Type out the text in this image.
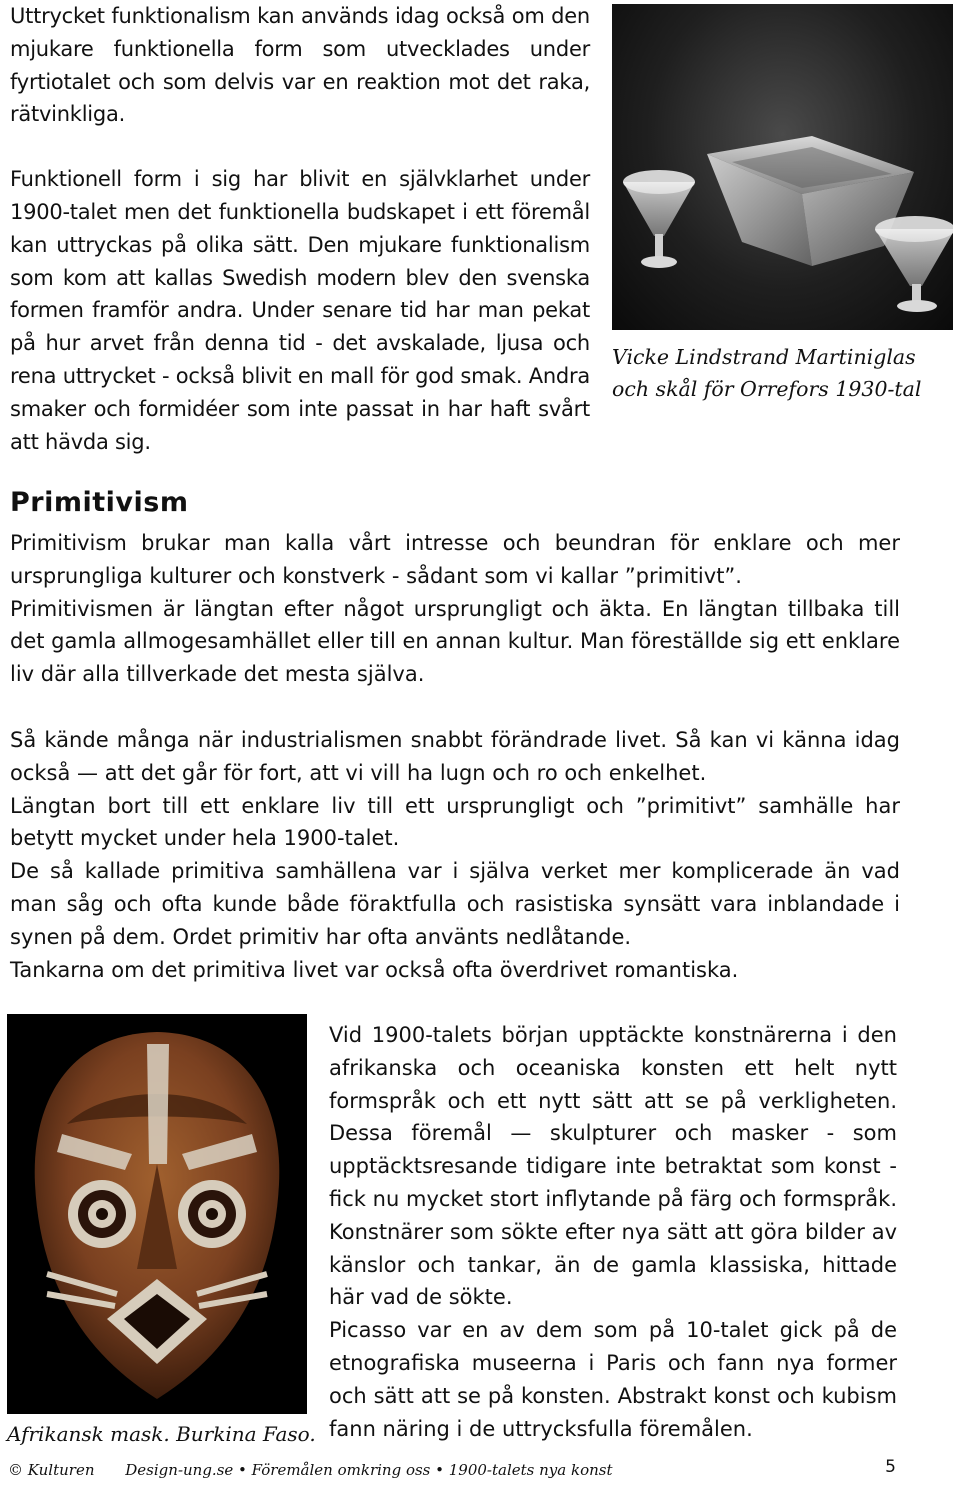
Uttrycket funktionalism kan används idag också om den mjukare funktionella form som utvecklades under fyrtiotalet och som delvis var en reaktion mot det raka, rätvinkliga.

Funktionell form i sig har blivit en självklarhet under 1900-talet men det funktionella budskapet i ett föremål kan uttryckas på olika sätt. Den mjukare funktionalism som kom att kallas Swedish modern blev den svenska formen framför andra. Under senare tid har man pekat på hur arvet från denna tid - det avskalade, ljusa och rena uttrycket - också blivit en mall för god smak. Andra smaker och formidéer som inte passat in har haft svårt att hävda sig.

Vicke Lindstrand Martiniglas och skål för Orrefors 1930-tal
Primitivism

Primitivism brukar man kalla vårt intresse och beundran för enklare och mer ursprungliga kulturer och konstverk - sådant som vi kallar ”primitivt”.

Primitivismen är längtan efter något ursprungligt och äkta. En längtan tillbaka till det gamla allmogesamhället eller till en annan kultur. Man föreställde sig ett enklare liv där alla tillverkade det mesta själva.

Så kände många när industrialismen snabbt förändrade livet. Så kan vi känna idag också — att det går för fort, att vi vill ha lugn och ro och enkelhet.

Längtan bort till ett enklare liv till ett ursprungligt och ”primitivt” samhälle har betytt mycket under hela 1900-talet.

De så kallade primitiva samhällena var i själva verket mer komplicerade än vad man såg och ofta kunde både föraktfulla och rasistiska synsätt vara inblandade i synen på dem. Ordet primitiv har ofta använts nedlåtande.

Tankarna om det primitiva livet var också ofta överdrivet romantiska.

Afrikansk mask. Burkina Faso.

Vid 1900-talets början upptäckte konstnärerna i den afrikanska och oceaniska konsten ett helt nytt formspråk och ett nytt sätt att se på verkligheten. Dessa föremål — skulpturer och masker - som upptäcktsresande tidigare inte betraktat som konst - fick nu mycket stort inflytande på färg och formspråk. Konstnärer som sökte efter nya sätt att göra bilder av känslor och tankar, än de gamla klassiska, hittade här vad de sökte.

Picasso var en av dem som på 10-talet gick på de etnografiska museerna i Paris och fann nya former och sätt att se på konsten. Abstrakt konst och kubism fann näring i de uttrycksfulla föremålen.

© Kulturen Design-ung.se • Föremålen omkring oss • 1900-talets nya konst	5
